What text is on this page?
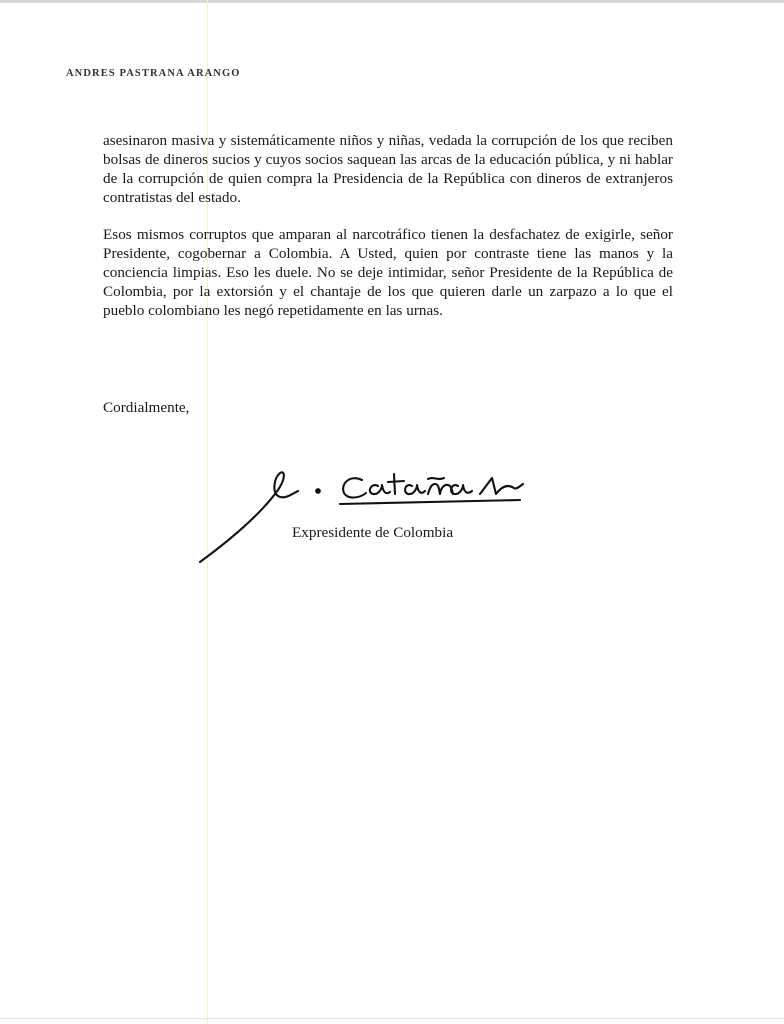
ANDRES PASTRANA ARANGO

asesinaron masiva y sistemáticamente niños y niñas, vedada la corrupción de los que reciben bolsas de dineros sucios y cuyos socios saquean las arcas de la educación pública, y ni hablar de la corrupción de quien compra la Presidencia de la República con dineros de extranjeros contratistas del estado.

Esos mismos corruptos que amparan al narcotráfico tienen la desfachatez de exigirle, señor Presidente, cogobernar a Colombia. A Usted, quien por contraste tiene las manos y la conciencia limpias. Eso les duele. No se deje intimidar, señor Presidente de la República de Colombia, por la extorsión y el chantaje de los que quieren darle un zarpazo a lo que el pueblo colombiano les negó repetidamente en las urnas.

Cordialmente,
Expresidente de Colombia
